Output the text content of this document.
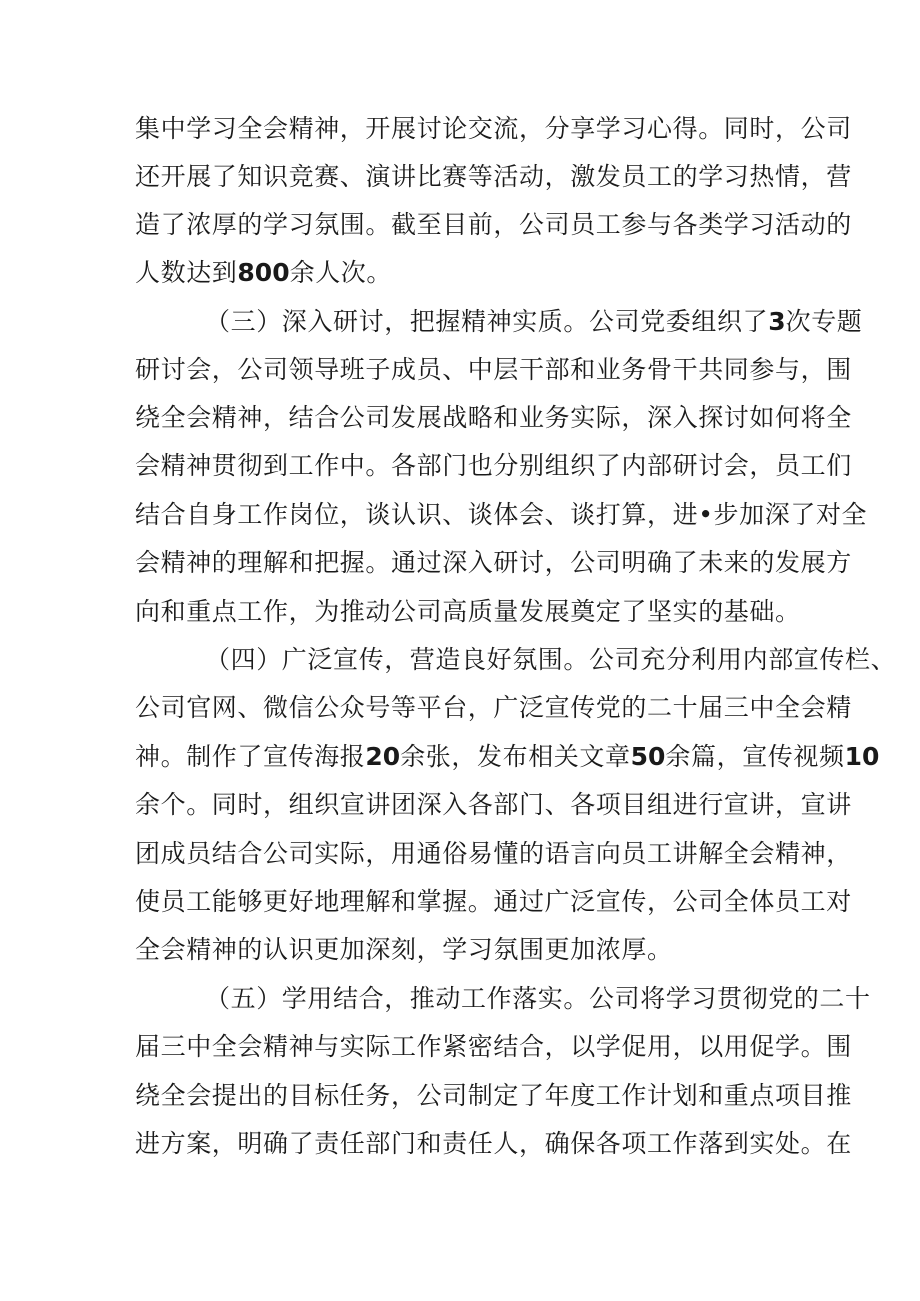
集中学习全会精神，开展讨论交流，分享学习心得。同时，公司
还开展了知识竞赛、演讲比赛等活动，激发员工的学习热情，营
造了浓厚的学习氛围。截至目前，公司员工参与各类学习活动的
人数达到800余人次。
（三）深入研讨，把握精神实质。公司党委组织了3次专题
研讨会，公司领导班子成员、中层干部和业务骨干共同参与，围
绕全会精神，结合公司发展战略和业务实际，深入探讨如何将全
会精神贯彻到工作中。各部门也分别组织了内部研讨会，员工们
结合自身工作岗位，谈认识、谈体会、谈打算，进•步加深了对全
会精神的理解和把握。通过深入研讨，公司明确了未来的发展方
向和重点工作，为推动公司高质量发展奠定了坚实的基础。
（四）广泛宣传，营造良好氛围。公司充分利用内部宣传栏、
公司官网、微信公众号等平台，广泛宣传党的二十届三中全会精
神。制作了宣传海报20余张，发布相关文章50余篇，宣传视频10
余个。同时，组织宣讲团深入各部门、各项目组进行宣讲，宣讲
团成员结合公司实际，用通俗易懂的语言向员工讲解全会精神，
使员工能够更好地理解和掌握。通过广泛宣传，公司全体员工对
全会精神的认识更加深刻，学习氛围更加浓厚。
（五）学用结合，推动工作落实。公司将学习贯彻党的二十
届三中全会精神与实际工作紧密结合，以学促用，以用促学。围
绕全会提出的目标任务，公司制定了年度工作计划和重点项目推
进方案，明确了责任部门和责任人，确保各项工作落到实处。在
